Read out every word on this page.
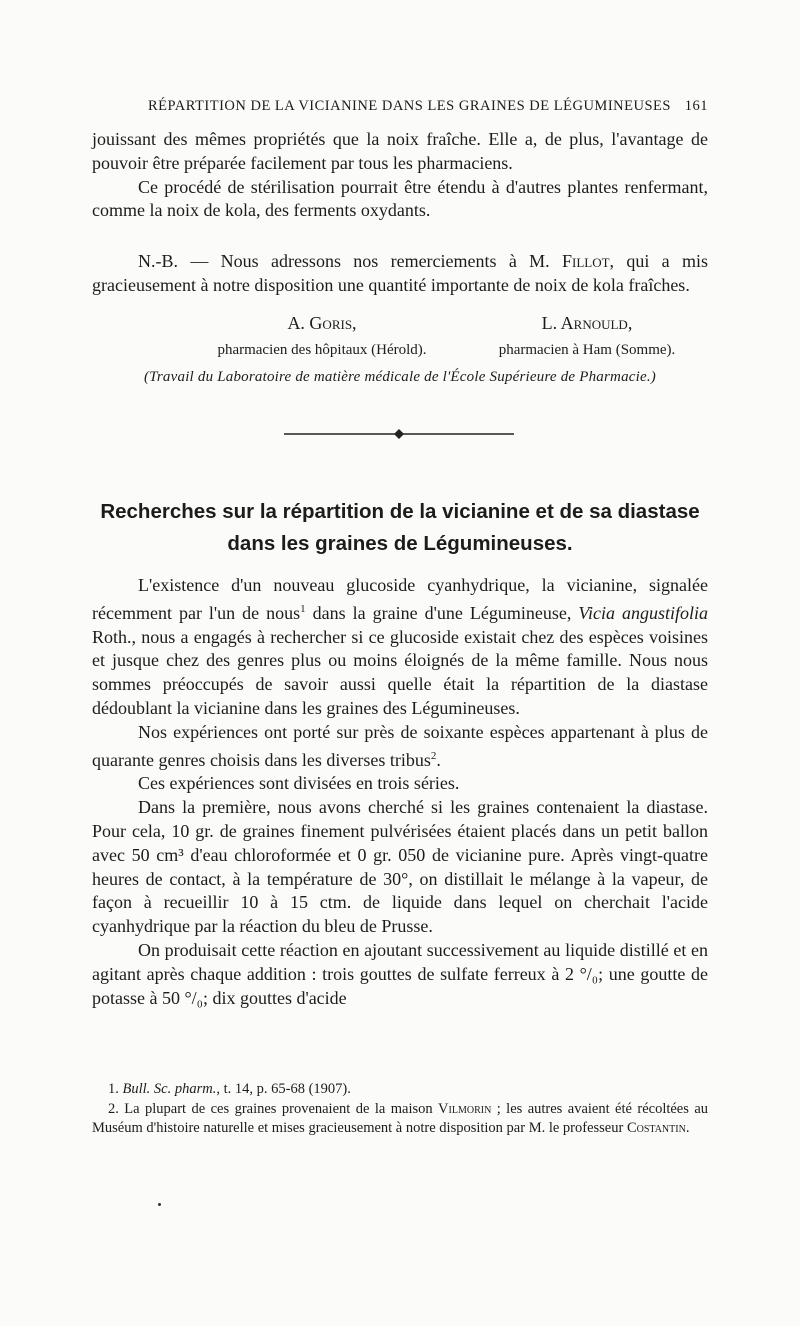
RÉPARTITION DE LA VICIANINE DANS LES GRAINES DE LÉGUMINEUSES 161

jouissant des mêmes propriétés que la noix fraîche. Elle a, de plus, l'avantage de pouvoir être préparée facilement par tous les pharmaciens.

Ce procédé de stérilisation pourrait être étendu à d'autres plantes renfermant, comme la noix de kola, des ferments oxydants.

N.-B. — Nous adressons nos remerciements à M. Fillot, qui a mis gracieusement à notre disposition une quantité importante de noix de kola fraîches.

A. Goris,
pharmacien des hôpitaux (Hérold).
L. Arnould,
pharmacien à Ham (Somme).

(Travail du Laboratoire de matière médicale de l'École Supérieure de Pharmacie.)

Recherches sur la répartition de la vicianine et de sa diastase
dans les graines de Légumineuses.

L'existence d'un nouveau glucoside cyanhydrique, la vicianine, signalée récemment par l'un de nous$^1$ dans la graine d'une Légumineuse, Vicia angustifolia Roth., nous a engagés à rechercher si ce glucoside existait chez des espèces voisines et jusque chez des genres plus ou moins éloignés de la même famille. Nous nous sommes préoccupés de savoir aussi quelle était la répartition de la diastase dédoublant la vicianine dans les graines des Légumineuses.

Nos expériences ont porté sur près de soixante espèces appartenant à plus de quarante genres choisis dans les diverses tribus$^2$.

Ces expériences sont divisées en trois séries.

Dans la première, nous avons cherché si les graines contenaient la diastase. Pour cela, 10 gr. de graines finement pulvérisées étaient placés dans un petit ballon avec 50 cm³ d'eau chloroformée et 0 gr. 050 de vicianine pure. Après vingt-quatre heures de contact, à la température de 30°, on distillait le mélange à la vapeur, de façon à recueillir 10 à 15 ctm. de liquide dans lequel on cherchait l'acide cyanhydrique par la réaction du bleu de Prusse.

On produisait cette réaction en ajoutant successivement au liquide distillé et en agitant après chaque addition : trois gouttes de sulfate ferreux à 2 °/₀; une goutte de potasse à 50 °/₀; dix gouttes d'acide

1. Bull. Sc. pharm., t. 14, p. 65-68 (1907).

2. La plupart de ces graines provenaient de la maison Vilmorin ; les autres avaient été récoltées au Muséum d'histoire naturelle et mises gracieusement à notre disposition par M. le professeur Costantin.
